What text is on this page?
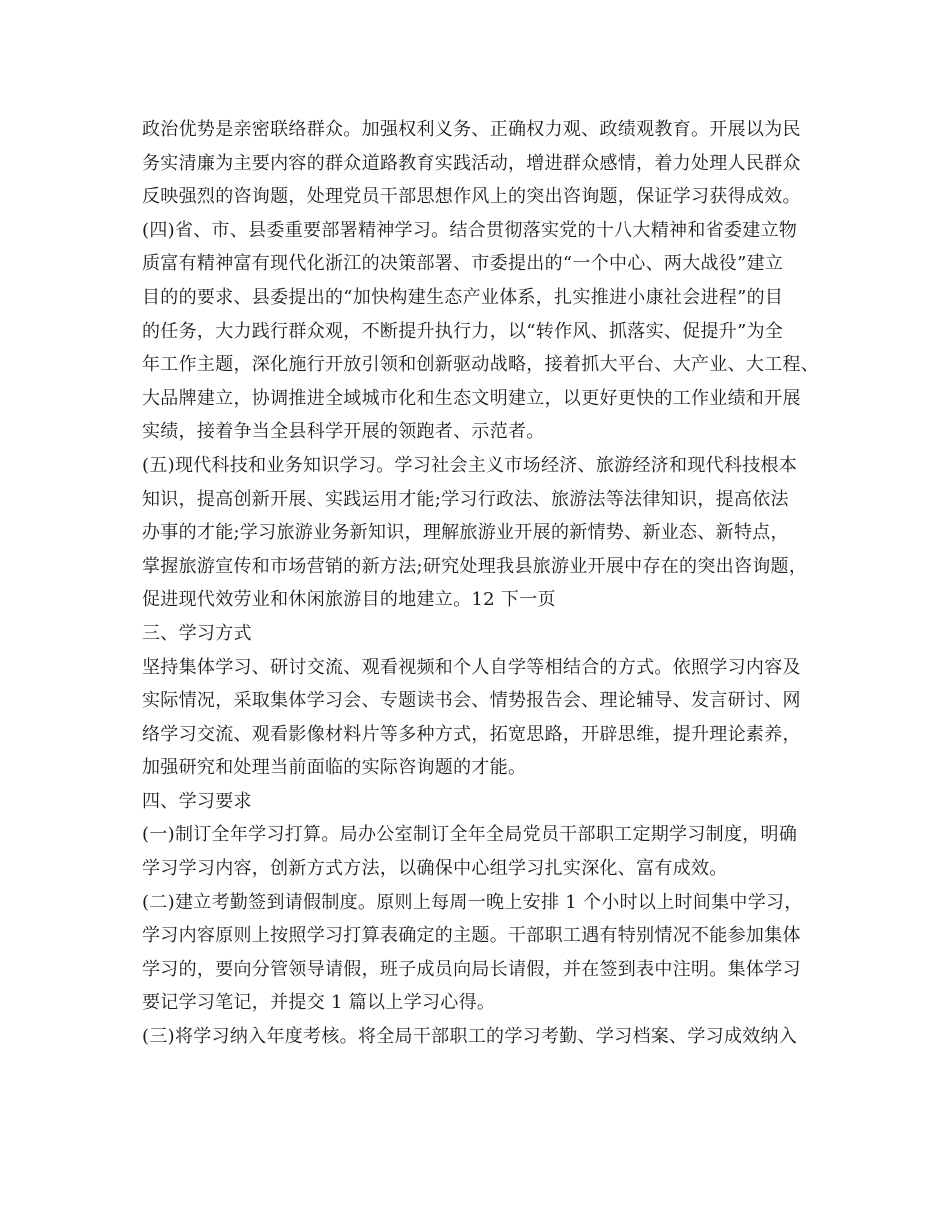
政治优势是亲密联络群众。加强权利义务、正确权力观、政绩观教育。开展以为民
务实清廉为主要内容的群众道路教育实践活动，增进群众感情，着力处理人民群众
反映强烈的咨询题，处理党员干部思想作风上的突出咨询题，保证学习获得成效。
(四)省、市、县委重要部署精神学习。结合贯彻落实党的十八大精神和省委建立物
质富有精神富有现代化浙江的决策部署、市委提出的“一个中心、两大战役”建立
目的的要求、县委提出的“加快构建生态产业体系，扎实推进小康社会进程”的目
的任务，大力践行群众观，不断提升执行力，以“转作风、抓落实、促提升”为全
年工作主题，深化施行开放引领和创新驱动战略，接着抓大平台、大产业、大工程、
大品牌建立，协调推进全域城市化和生态文明建立，以更好更快的工作业绩和开展
实绩，接着争当全县科学开展的领跑者、示范者。
(五)现代科技和业务知识学习。学习社会主义市场经济、旅游经济和现代科技根本
知识，提高创新开展、实践运用才能;学习行政法、旅游法等法律知识，提高依法
办事的才能;学习旅游业务新知识，理解旅游业开展的新情势、新业态、新特点，
掌握旅游宣传和市场营销的新方法;研究处理我县旅游业开展中存在的突出咨询题，
促进现代效劳业和休闲旅游目的地建立。12 下一页
三、学习方式
坚持集体学习、研讨交流、观看视频和个人自学等相结合的方式。依照学习内容及
实际情况，采取集体学习会、专题读书会、情势报告会、理论辅导、发言研讨、网
络学习交流、观看影像材料片等多种方式，拓宽思路，开辟思维，提升理论素养，
加强研究和处理当前面临的实际咨询题的才能。
四、学习要求
(一)制订全年学习打算。局办公室制订全年全局党员干部职工定期学习制度，明确
学习学习内容，创新方式方法，以确保中心组学习扎实深化、富有成效。
(二)建立考勤签到请假制度。原则上每周一晚上安排 1 个小时以上时间集中学习，
学习内容原则上按照学习打算表确定的主题。干部职工遇有特别情况不能参加集体
学习的，要向分管领导请假，班子成员向局长请假，并在签到表中注明。集体学习
要记学习笔记，并提交 1 篇以上学习心得。
(三)将学习纳入年度考核。将全局干部职工的学习考勤、学习档案、学习成效纳入
